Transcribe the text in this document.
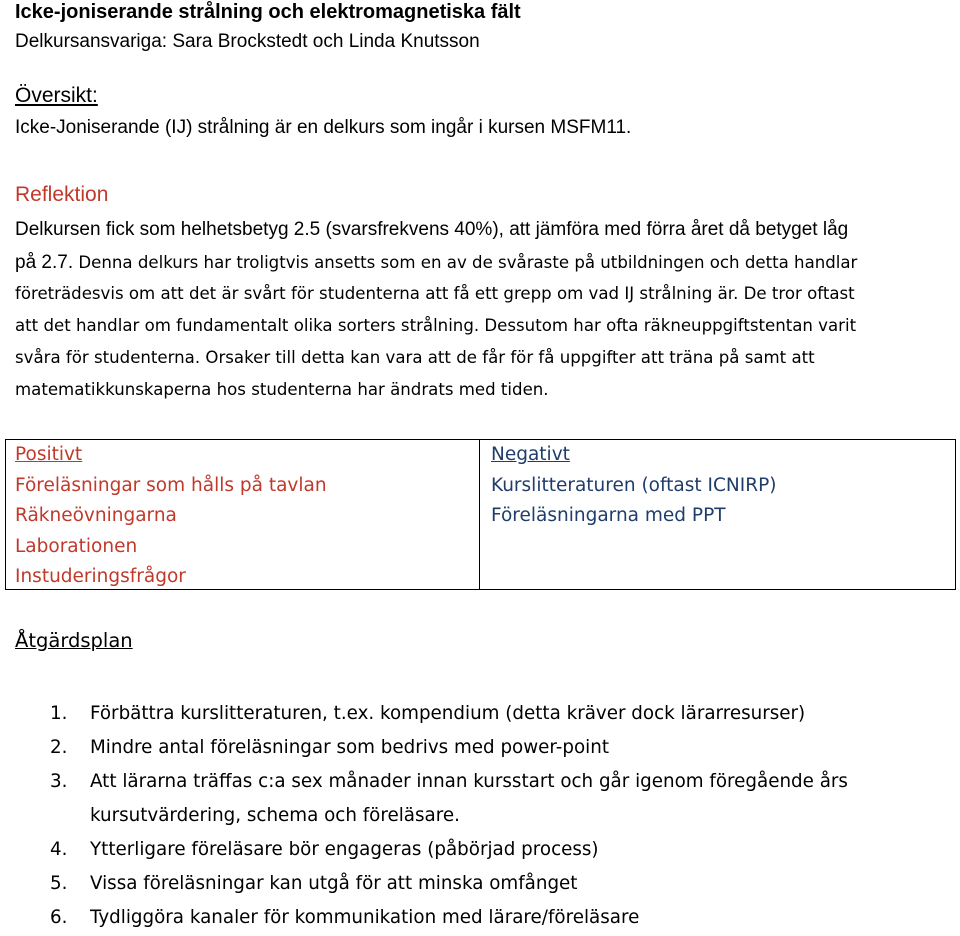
Icke-joniserande strålning och elektromagnetiska fält
Delkursansvariga: Sara Brockstedt och Linda Knutsson
Översikt:
Icke-Joniserande (IJ) strålning är en delkurs som ingår i kursen MSFM11.
Reflektion
Delkursen fick som helhetsbetyg 2.5 (svarsfrekvens 40%), att jämföra med förra året då betyget låg
på 2.7. Denna delkurs har troligtvis ansetts som en av de svåraste på utbildningen och detta handlar
företrädesvis om att det är svårt för studenterna att få ett grepp om vad IJ strålning är. De tror oftast
att det handlar om fundamentalt olika sorters strålning. Dessutom har ofta räkneuppgiftstentan varit
svåra för studenterna. Orsaker till detta kan vara att de får för få uppgifter att träna på samt att
matematikkunskaperna hos studenterna har ändrats med tiden.
Positivt
Föreläsningar som hålls på tavlan
Räkneövningarna
Laborationen
Instuderingsfrågor
Negativt
Kurslitteraturen (oftast ICNIRP)
Föreläsningarna med PPT
Åtgärdsplan
1. Förbättra kurslitteraturen, t.ex. kompendium (detta kräver dock lärarresurser)
2. Mindre antal föreläsningar som bedrivs med power-point
3. Att lärarna träffas c:a sex månader innan kursstart och går igenom föregående års
kursutvärdering, schema och föreläsare.
4. Ytterligare föreläsare bör engageras (påbörjad process)
5. Vissa föreläsningar kan utgå för att minska omfånget
6. Tydliggöra kanaler för kommunikation med lärare/föreläsare
